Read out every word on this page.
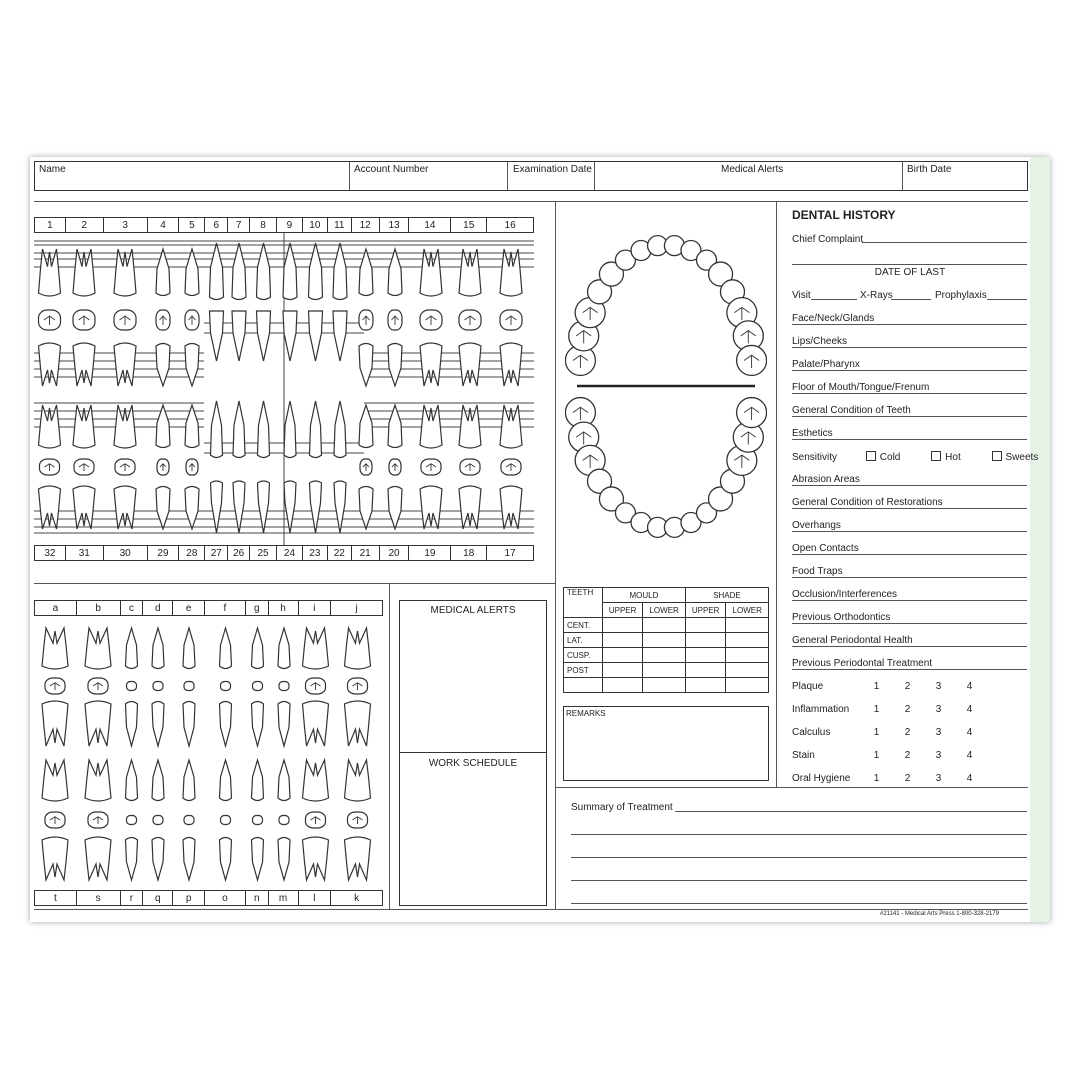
Name	Account Number	Examination Date	Medical Alerts	Birth Date
1	2	3	4	5	6	7	8	9	10	11	12	13	14	15	16
32	31	30	29	28	27	26	25	24	23	22	21	20	19	18	17
a	b	c	d	e	f	g	h	i	j
t	s	r	q	p	o	n	m	l	k
MEDICAL ALERTS
WORK SCHEDULE
TEETH	MOULD		SHADE	
	UPPER	LOWER	UPPER	LOWER
CENT.				
LAT.				
CUSP.				
POST				

REMARKS
DENTAL HISTORY
Chief Complaint
DATE OF LAST
Visit	X-Rays	Prophylaxis
Face/Neck/Glands
Lips/Cheeks
Palate/Pharynx
Floor of Mouth/Tongue/Frenum
General Condition of Teeth
Esthetics
Sensitivity	Cold	Hot	Sweets
Abrasion Areas
General Condition of Restorations
Overhangs
Open Contacts
Food Traps
Occlusion/Interferences
Previous Orthodontics
General Periodontal Health
Previous Periodontal Treatment
Plaque	1	2	3	4
Inflammation	1	2	3	4
Calculus	1	2	3	4
Stain	1	2	3	4
Oral Hygiene	1	2	3	4
Summary of Treatment
#21141 - Medical Arts Press 1-800-328-2179
